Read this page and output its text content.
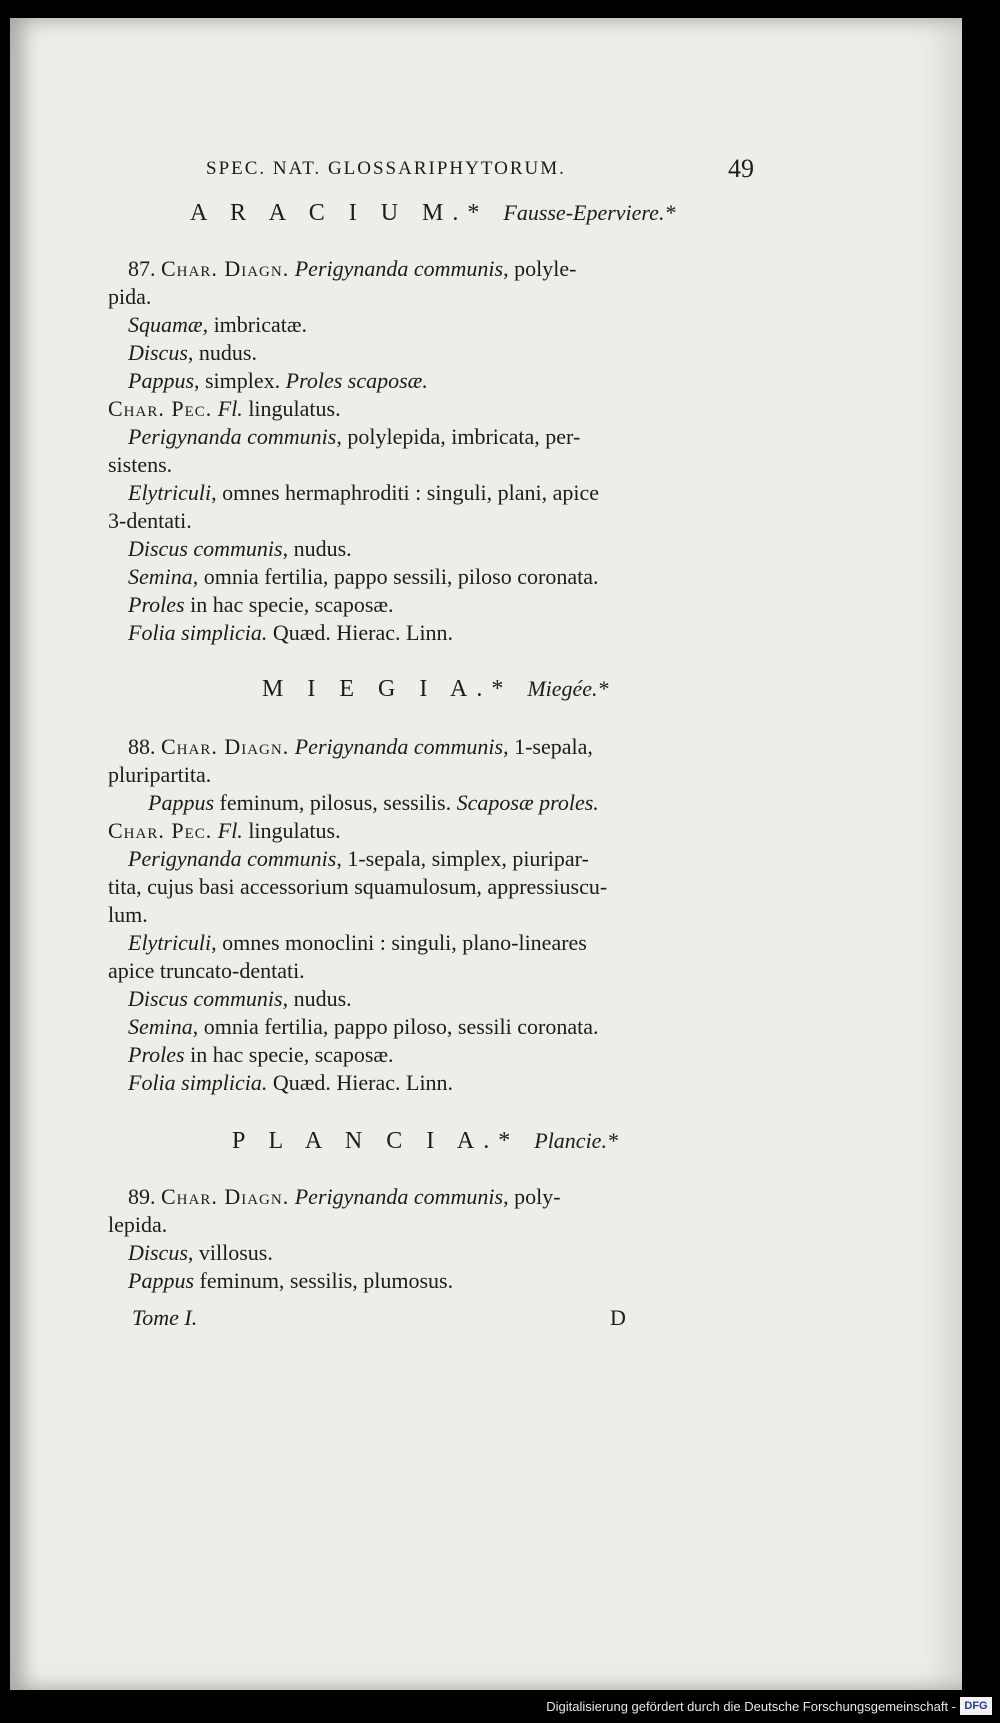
SPEC. NAT. GLOSSARIPHYTORUM.	49
A R A C I U M.* Fausse-Eperviere.*
87. Char. Diagn. Perigynanda communis, polyle-
pida.
Squamæ, imbricatæ.
Discus, nudus.
Pappus, simplex. Proles scaposæ.
Char. Pec. Fl. lingulatus.
Perigynanda communis, polylepida, imbricata, per-
sistens.
Elytriculi, omnes hermaphroditi : singuli, plani, apice
3-dentati.
Discus communis, nudus.
Semina, omnia fertilia, pappo sessili, piloso coronata.
Proles in hac specie, scaposæ.
Folia simplicia. Quæd. Hierac. Linn.
M I E G I A.* Miegée.*
88. Char. Diagn. Perigynanda communis, 1-sepala,
pluripartita.
Pappus feminum, pilosus, sessilis. Scaposæ proles.
Char. Pec. Fl. lingulatus.
Perigynanda communis, 1-sepala, simplex, piuripar-
tita, cujus basi accessorium squamulosum, appressiuscu-
lum.
Elytriculi, omnes monoclini : singuli, plano-lineares
apice truncato-dentati.
Discus communis, nudus.
Semina, omnia fertilia, pappo piloso, sessili coronata.
Proles in hac specie, scaposæ.
Folia simplicia. Quæd. Hierac. Linn.
P L A N C I A.* Plancie.*
89. Char. Diagn. Perigynanda communis, poly-
lepida.
Discus, villosus.
Pappus feminum, sessilis, plumosus.
Tome I.	D
Digitalisierung gefördert durch die Deutsche Forschungsgemeinschaft - DFG
